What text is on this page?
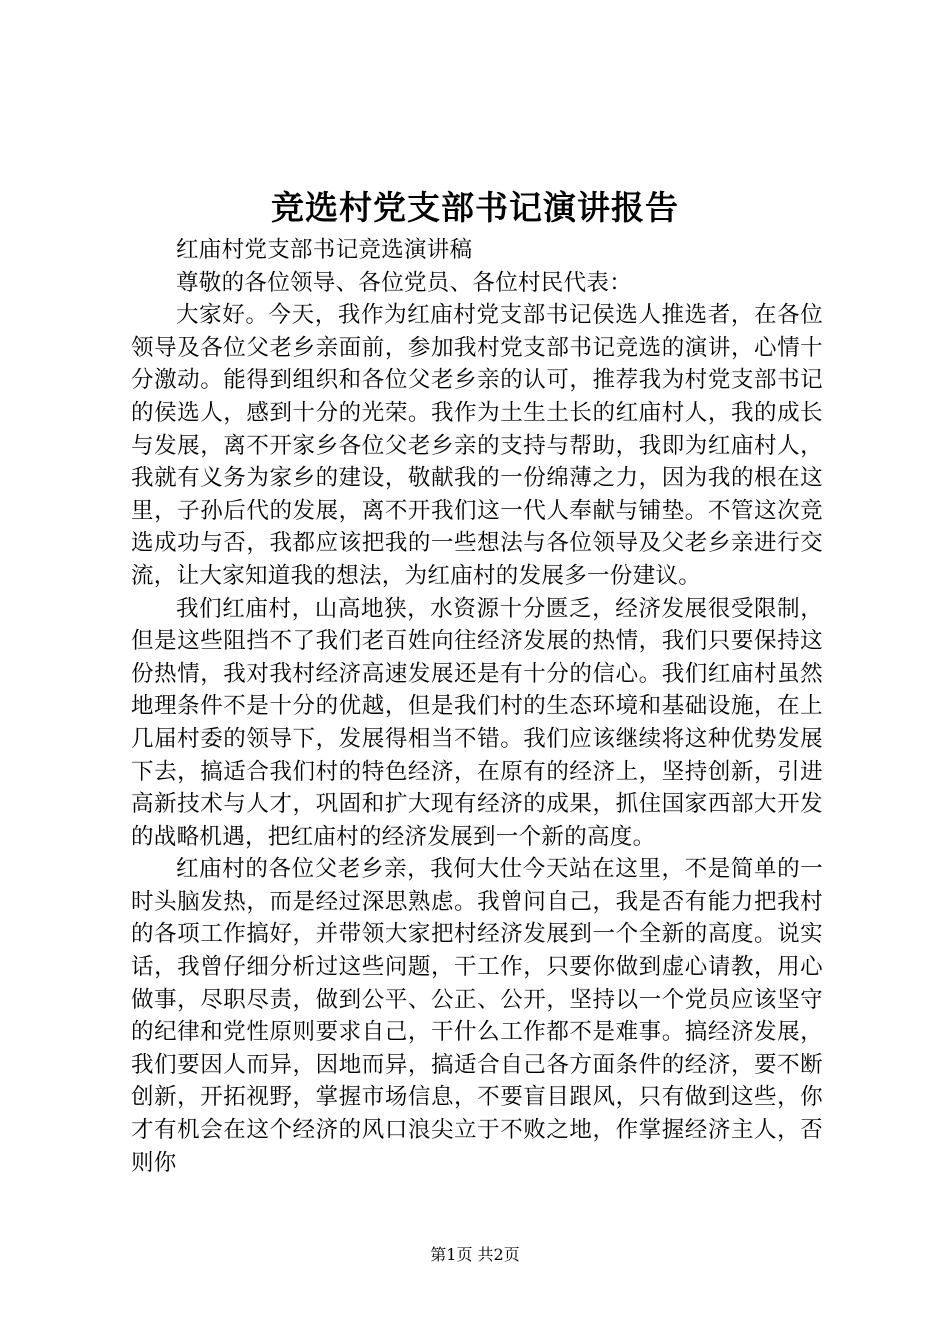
竞选村党支部书记演讲报告

红庙村党支部书记竞选演讲稿

尊敬的各位领导、各位党员、各位村民代表：

大家好。今天，我作为红庙村党支部书记侯选人推选者，在各位领导及各位父老乡亲面前，参加我村党支部书记竞选的演讲，心情十分激动。能得到组织和各位父老乡亲的认可，推荐我为村党支部书记的侯选人，感到十分的光荣。我作为土生土长的红庙村人，我的成长与发展，离不开家乡各位父老乡亲的支持与帮助，我即为红庙村人，我就有义务为家乡的建设，敬献我的一份绵薄之力，因为我的根在这里，子孙后代的发展，离不开我们这一代人奉献与铺垫。不管这次竞选成功与否，我都应该把我的一些想法与各位领导及父老乡亲进行交流，让大家知道我的想法，为红庙村的发展多一份建议。

我们红庙村，山高地狭，水资源十分匮乏，经济发展很受限制，但是这些阻挡不了我们老百姓向往经济发展的热情，我们只要保持这份热情，我对我村经济高速发展还是有十分的信心。我们红庙村虽然地理条件不是十分的优越，但是我们村的生态环境和基础设施，在上几届村委的领导下，发展得相当不错。我们应该继续将这种优势发展下去，搞适合我们村的特色经济，在原有的经济上，坚持创新，引进高新技术与人才，巩固和扩大现有经济的成果，抓住国家西部大开发的战略机遇，把红庙村的经济发展到一个新的高度。

红庙村的各位父老乡亲，我何大仕今天站在这里，不是简单的一时头脑发热，而是经过深思熟虑。我曾问自己，我是否有能力把我村的各项工作搞好，并带领大家把村经济发展到一个全新的高度。说实话，我曾仔细分析过这些问题，干工作，只要你做到虚心请教，用心做事，尽职尽责，做到公平、公正、公开，坚持以一个党员应该坚守的纪律和党性原则要求自己，干什么工作都不是难事。搞经济发展，我们要因人而异，因地而异，搞适合自己各方面条件的经济，要不断创新，开拓视野，掌握市场信息，不要盲目跟风，只有做到这些，你才有机会在这个经济的风口浪尖立于不败之地，作掌握经济主人，否则你

第1页 共2页
